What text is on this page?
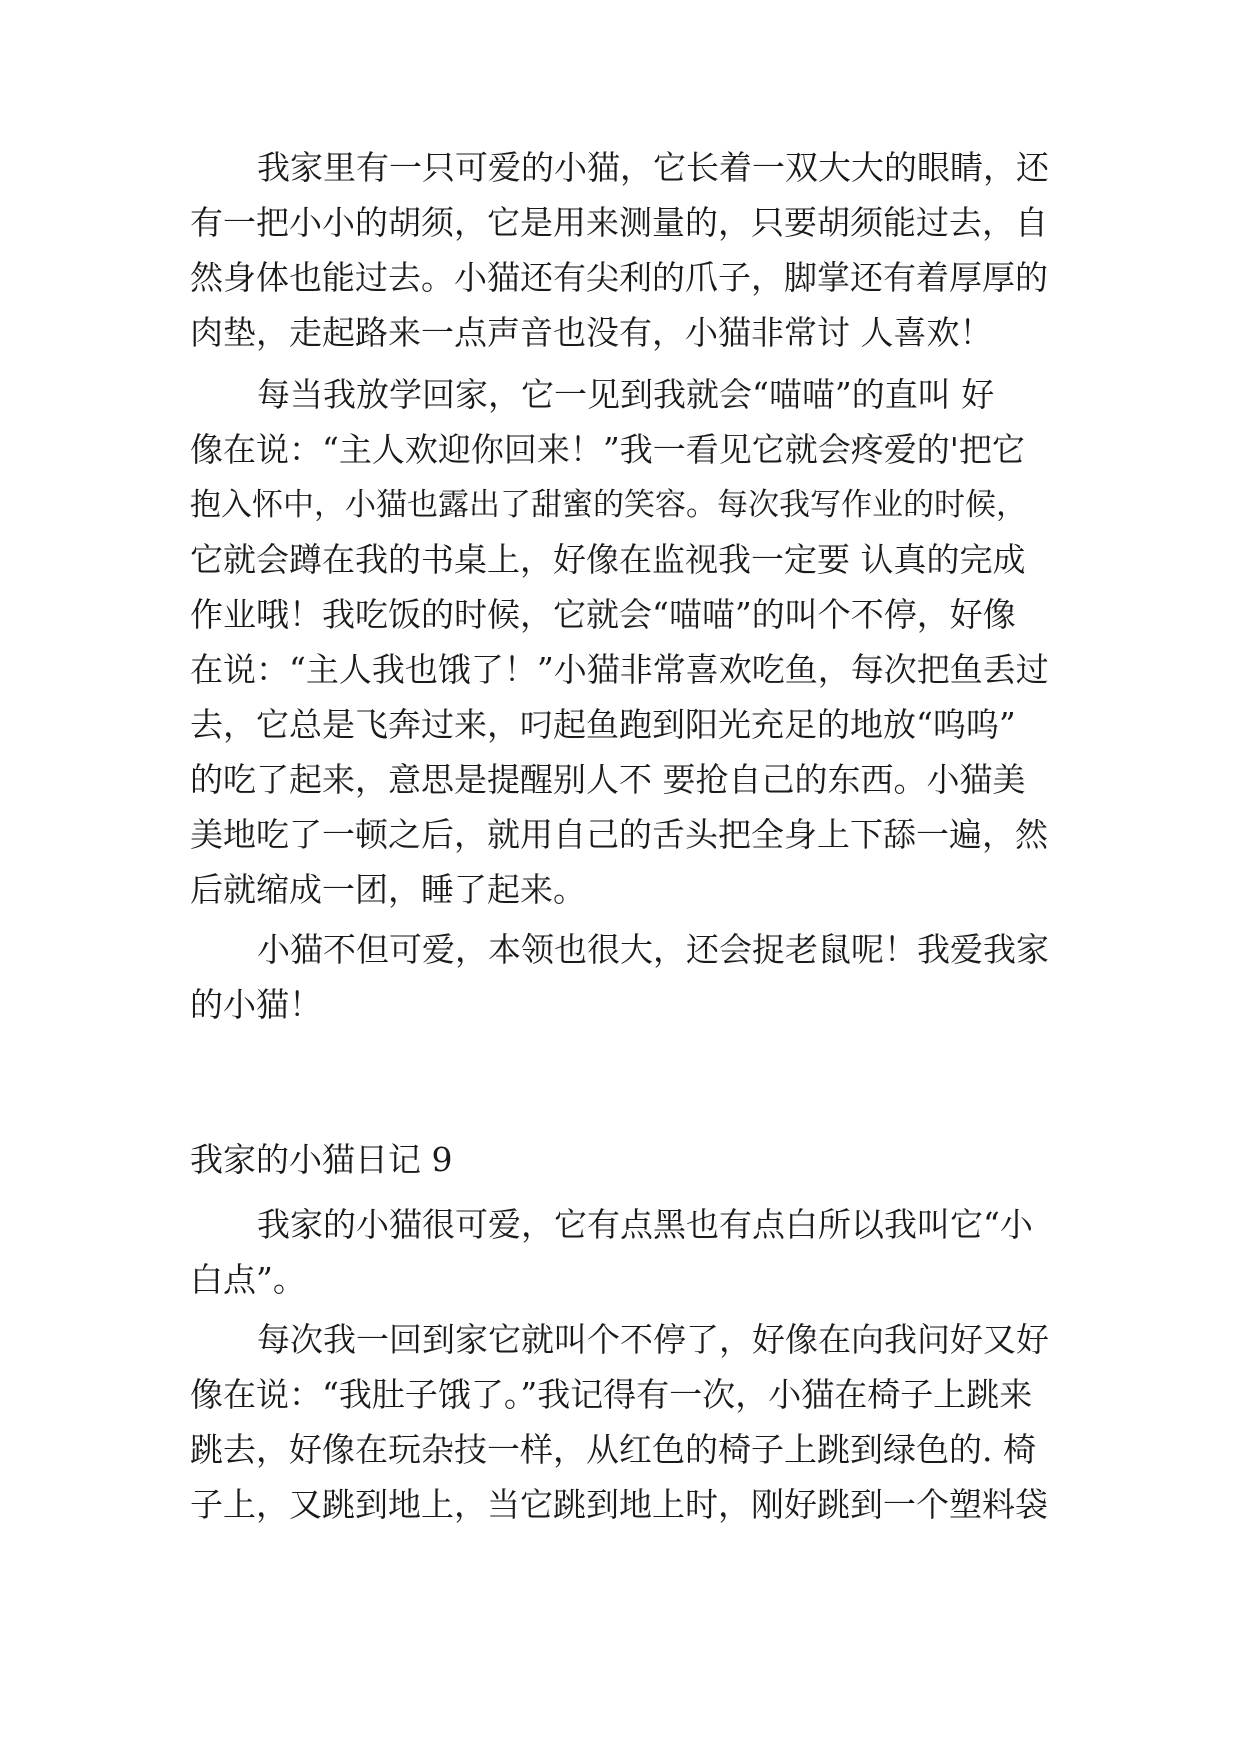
我家里有一只可爱的小猫，它长着一双大大的眼睛，还
有一把小小的胡须，它是用来测量的，只要胡须能过去，自
然身体也能过去。小猫还有尖利的爪子，脚掌还有着厚厚的
肉垫，走起路来一点声音也没有，小猫非常讨 人喜欢！
每当我放学回家，它一见到我就会“喵喵”的直叫 好
像在说：“主人欢迎你回来！”我一看见它就会疼爱的'把它
抱入怀中，小猫也露出了甜蜜的笑容。每次我写作业的时候，
它就会蹲在我的书桌上，好像在监视我一定要 认真的完成
作业哦！我吃饭的时候，它就会“喵喵”的叫个不停，好像
在说：“主人我也饿了！”小猫非常喜欢吃鱼，每次把鱼丢过
去，它总是飞奔过来，叼起鱼跑到阳光充足的地放“呜呜”
的吃了起来，意思是提醒别人不 要抢自己的东西。小猫美
美地吃了一顿之后，就用自己的舌头把全身上下舔一遍，然
后就缩成一团，睡了起来。
小猫不但可爱，本领也很大，还会捉老鼠呢！我爱我家
的小猫！
我家的小猫日记 9
我家的小猫很可爱，它有点黑也有点白所以我叫它“小
白点”。
每次我一回到家它就叫个不停了，好像在向我问好又好
像在说：“我肚子饿了。”我记得有一次，小猫在椅子上跳来
跳去，好像在玩杂技一样，从红色的椅子上跳到绿色的. 椅
子上，又跳到地上，当它跳到地上时，刚好跳到一个塑料袋
